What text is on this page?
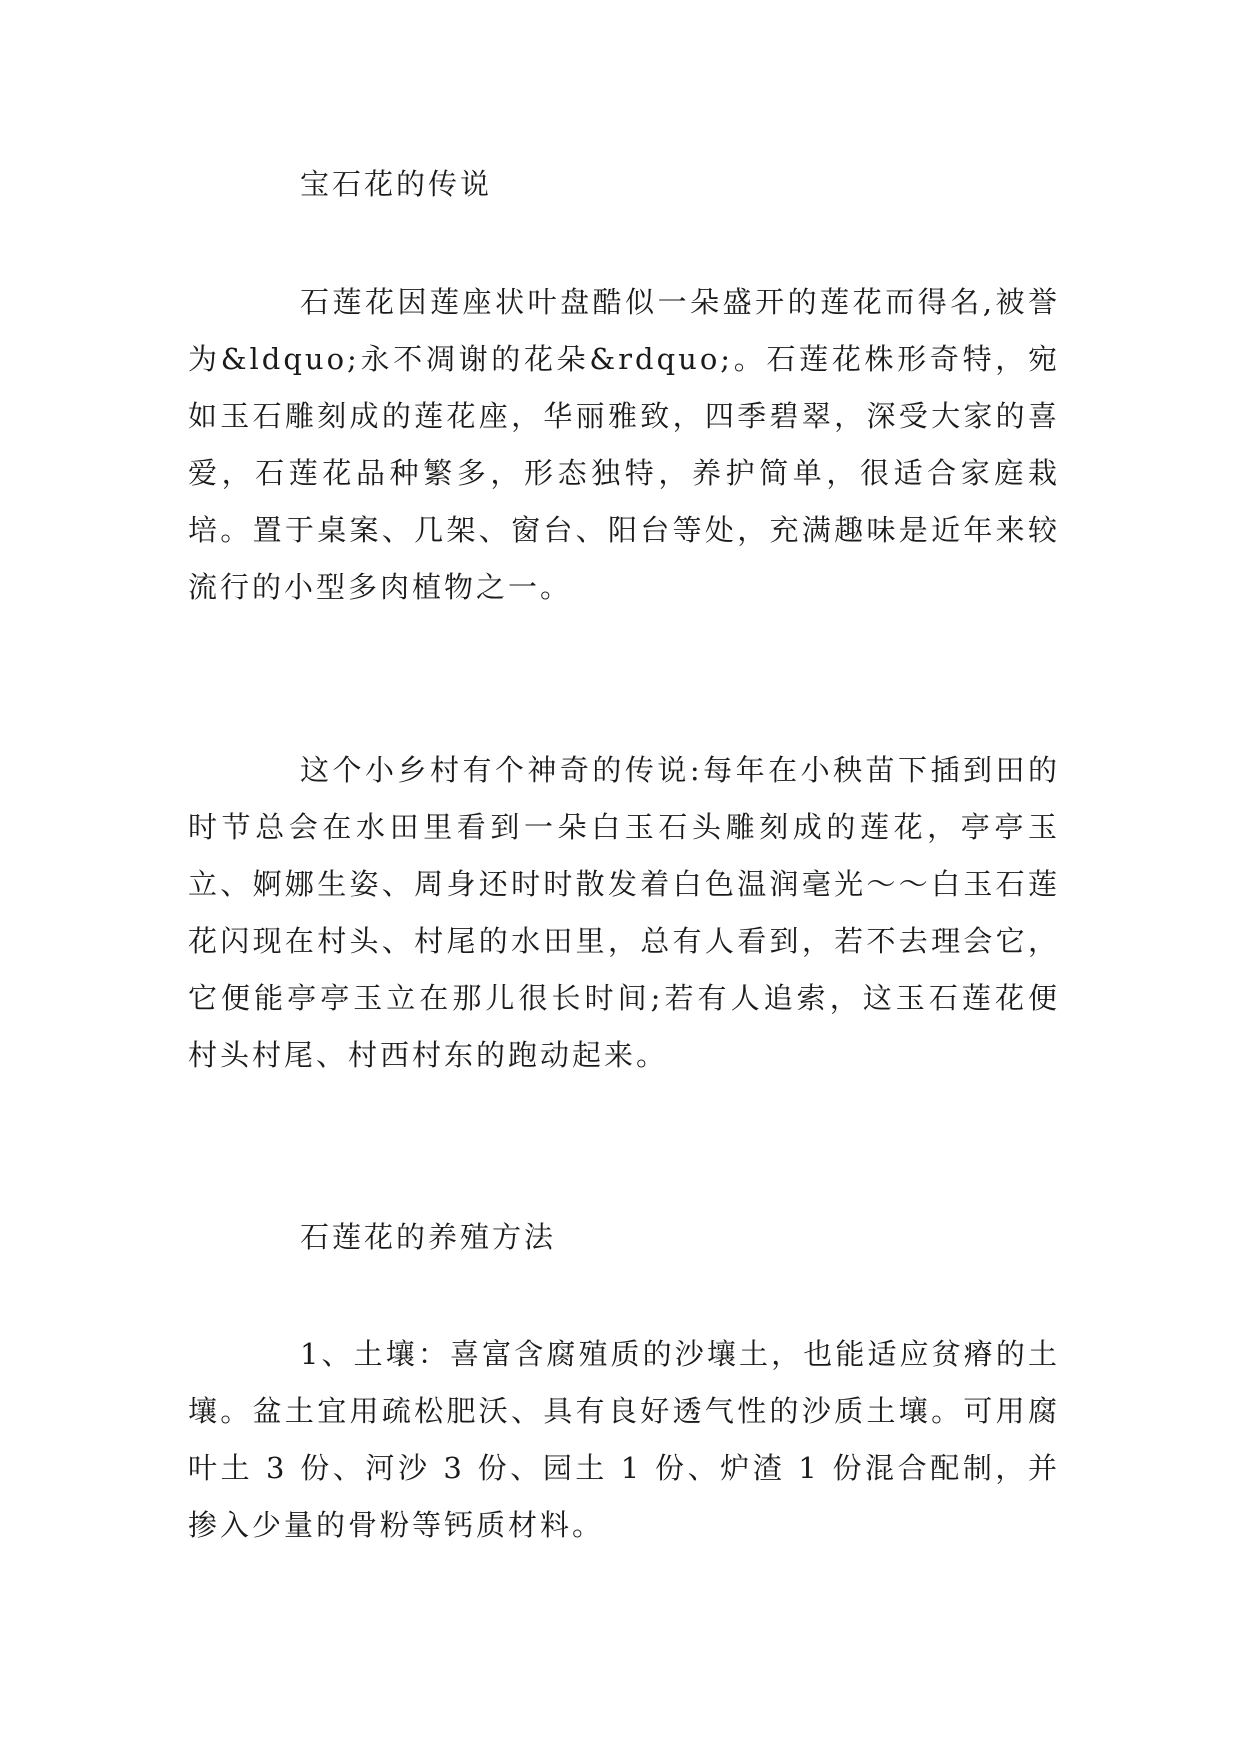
宝石花的传说

石莲花因莲座状叶盘酷似一朵盛开的莲花而得名,被誉为&ldquo;永不凋谢的花朵&rdquo;。石莲花株形奇特，宛如玉石雕刻成的莲花座，华丽雅致，四季碧翠，深受大家的喜爱，石莲花品种繁多，形态独特，养护简单，很适合家庭栽培。置于桌案、几架、窗台、阳台等处，充满趣味是近年来较流行的小型多肉植物之一。

这个小乡村有个神奇的传说:每年在小秧苗下插到田的时节总会在水田里看到一朵白玉石头雕刻成的莲花，亭亭玉立、婀娜生姿、周身还时时散发着白色温润毫光～～白玉石莲花闪现在村头、村尾的水田里，总有人看到，若不去理会它，它便能亭亭玉立在那儿很长时间;若有人追索，这玉石莲花便村头村尾、村西村东的跑动起来。

石莲花的养殖方法

1、土壤：喜富含腐殖质的沙壤土，也能适应贫瘠的土壤。盆土宜用疏松肥沃、具有良好透气性的沙质土壤。可用腐叶土 3 份、河沙 3 份、园土 1 份、炉渣 1 份混合配制，并掺入少量的骨粉等钙质材料。
